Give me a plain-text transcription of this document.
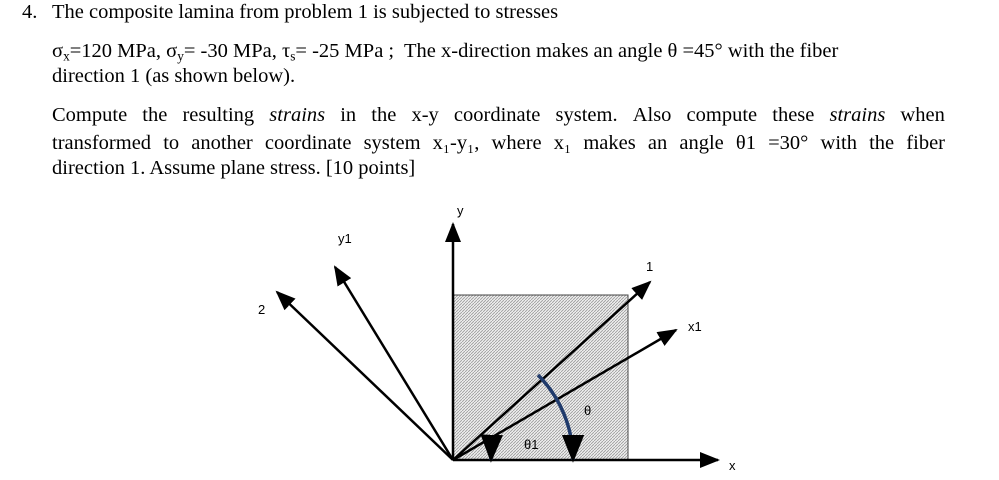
4. The composite lamina from problem 1 is subjected to stresses
$\sigma_x=120$ MPa, $\sigma_y= -30$ MPa, $\tau_s= -25$ MPa ; The x-direction makes an angle θ =45° with the fiber
direction 1 (as shown below).
Compute the resulting strains in the x-y coordinate system. Also compute these strains when
transformed to another coordinate system x₁-y₁, where x₁ makes an angle θ1 =30° with the fiber
direction 1. Assume plane stress. [10 points]
y
x
y1
x1
1
2
θ
θ1
